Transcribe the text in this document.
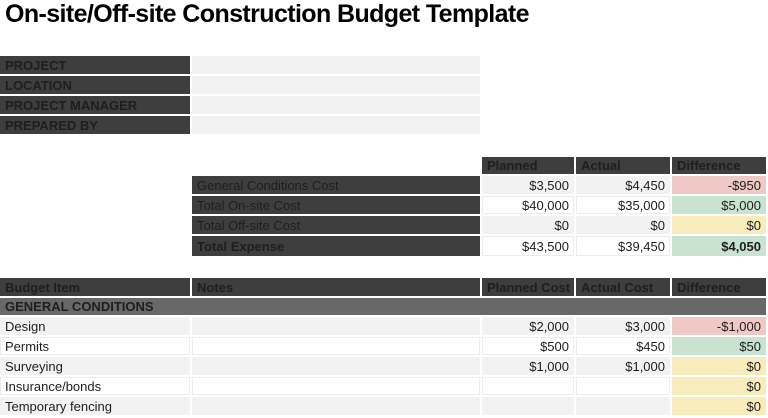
On-site/Off-site Construction Budget Template
PROJECT	
LOCATION	
PROJECT MANAGER	
PREPARED BY	
	Planned	Actual	Difference
General Conditions Cost	$3,500	$4,450	-$950
Total On-site Cost	$40,000	$35,000	$5,000
Total Off-site Cost	$0	$0	$0
Total Expense	$43,500	$39,450	$4,050
Budget Item	Notes	Planned Cost	Actual Cost	Difference
GENERAL CONDITIONS				
Design		$2,000	$3,000	-$1,000
Permits		$500	$450	$50
Surveying		$1,000	$1,000	$0
Insurance/bonds				$0
Temporary fencing				$0
